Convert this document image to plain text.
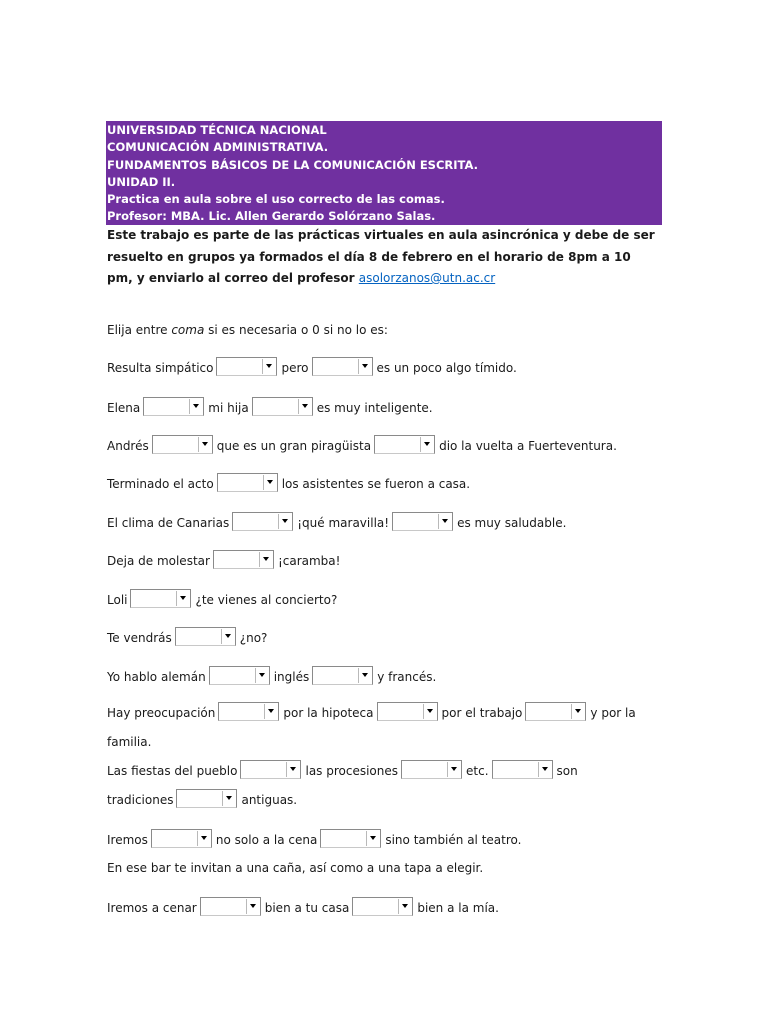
UNIVERSIDAD TÉCNICA NACIONAL
COMUNICACIÓN ADMINISTRATIVA.
FUNDAMENTOS BÁSICOS DE LA COMUNICACIÓN ESCRITA.
UNIDAD II.
Practica en aula sobre el uso correcto de las comas.
Profesor: MBA. Lic. Allen Gerardo Solórzano Salas.
Este trabajo es parte de las prácticas virtuales en aula asincrónica y debe de ser resuelto en grupos ya formados el día 8 de febrero en el horario de 8pm a 10 pm, y enviarlo al correo del profesor asolorzanos@utn.ac.cr
Elija entre coma si es necesaria o 0 si no lo es:
Resulta simpático	pero	es un poco algo tímido.
Elena	mi hija	es muy inteligente.
Andrés	que es un gran piragüista	dio la vuelta a Fuerteventura.
Terminado el acto	los asistentes se fueron a casa.
El clima de Canarias	¡qué maravilla!	es muy saludable.
Deja de molestar	¡caramba!
Loli	¿te vienes al concierto?
Te vendrás	¿no?
Yo hablo alemán	inglés	y francés.
Hay preocupación	por la hipoteca	por el trabajo	y por la familia.
Las fiestas del pueblo	las procesiones	etc.	son tradiciones	antiguas.
Iremos	no solo a la cena	sino también al teatro.
En ese bar te invitan a una caña, así como a una tapa a elegir.
Iremos a cenar	bien a tu casa	bien a la mía.
